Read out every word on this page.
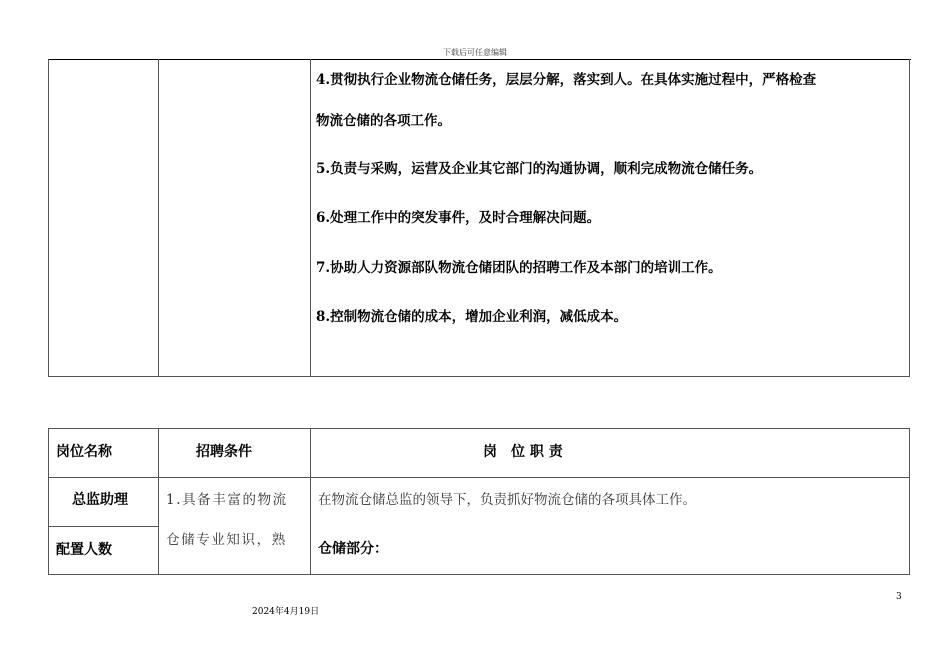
下载后可任意编辑
4.贯彻执行企业物流仓储任务，层层分解，落实到人。在具体实施过程中，严格检查
物流仓储的各项工作。
5.负责与采购，运营及企业其它部门的沟通协调，顺利完成物流仓储任务。
6.处理工作中的突发事件，及时合理解决问题。
7.协助人力资源部队物流仓储团队的招聘工作及本部门的培训工作。
8.控制物流仓储的成本，增加企业利润，减低成本。
岗位名称	招聘条件	岗　位 职 责
总监助理
配置人数
1.具备丰富的物流
仓储专业知识，熟
在物流仓储总监的领导下，负责抓好物流仓储的各项具体工作。
仓储部分：
3
2024年4月19日
